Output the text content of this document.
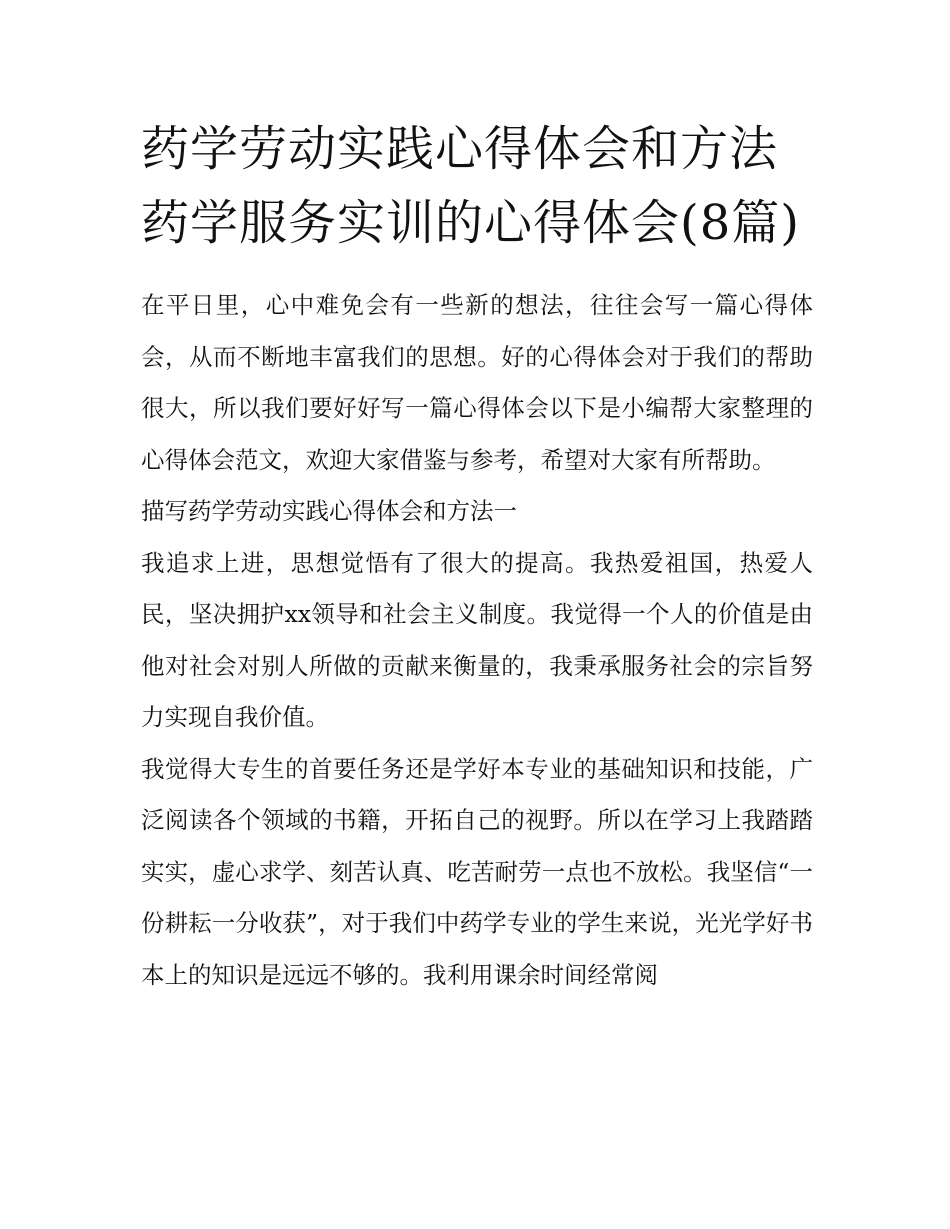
药学劳动实践心得体会和方法药学服务实训的心得体会(8篇)

在平日里，心中难免会有一些新的想法，往往会写一篇心得体会，从而不断地丰富我们的思想。好的心得体会对于我们的帮助很大，所以我们要好好写一篇心得体会以下是小编帮大家整理的心得体会范文，欢迎大家借鉴与参考，希望对大家有所帮助。

描写药学劳动实践心得体会和方法一

我追求上进，思想觉悟有了很大的提高。我热爱祖国，热爱人民，坚决拥护xx领导和社会主义制度。我觉得一个人的价值是由他对社会对别人所做的贡献来衡量的，我秉承服务社会的宗旨努力实现自我价值。

我觉得大专生的首要任务还是学好本专业的基础知识和技能，广泛阅读各个领域的书籍，开拓自己的视野。所以在学习上我踏踏实实，虚心求学、刻苦认真、吃苦耐劳一点也不放松。我坚信“一份耕耘一分收获”，对于我们中药学专业的学生来说，光光学好书本上的知识是远远不够的。我利用课余时间经常阅
